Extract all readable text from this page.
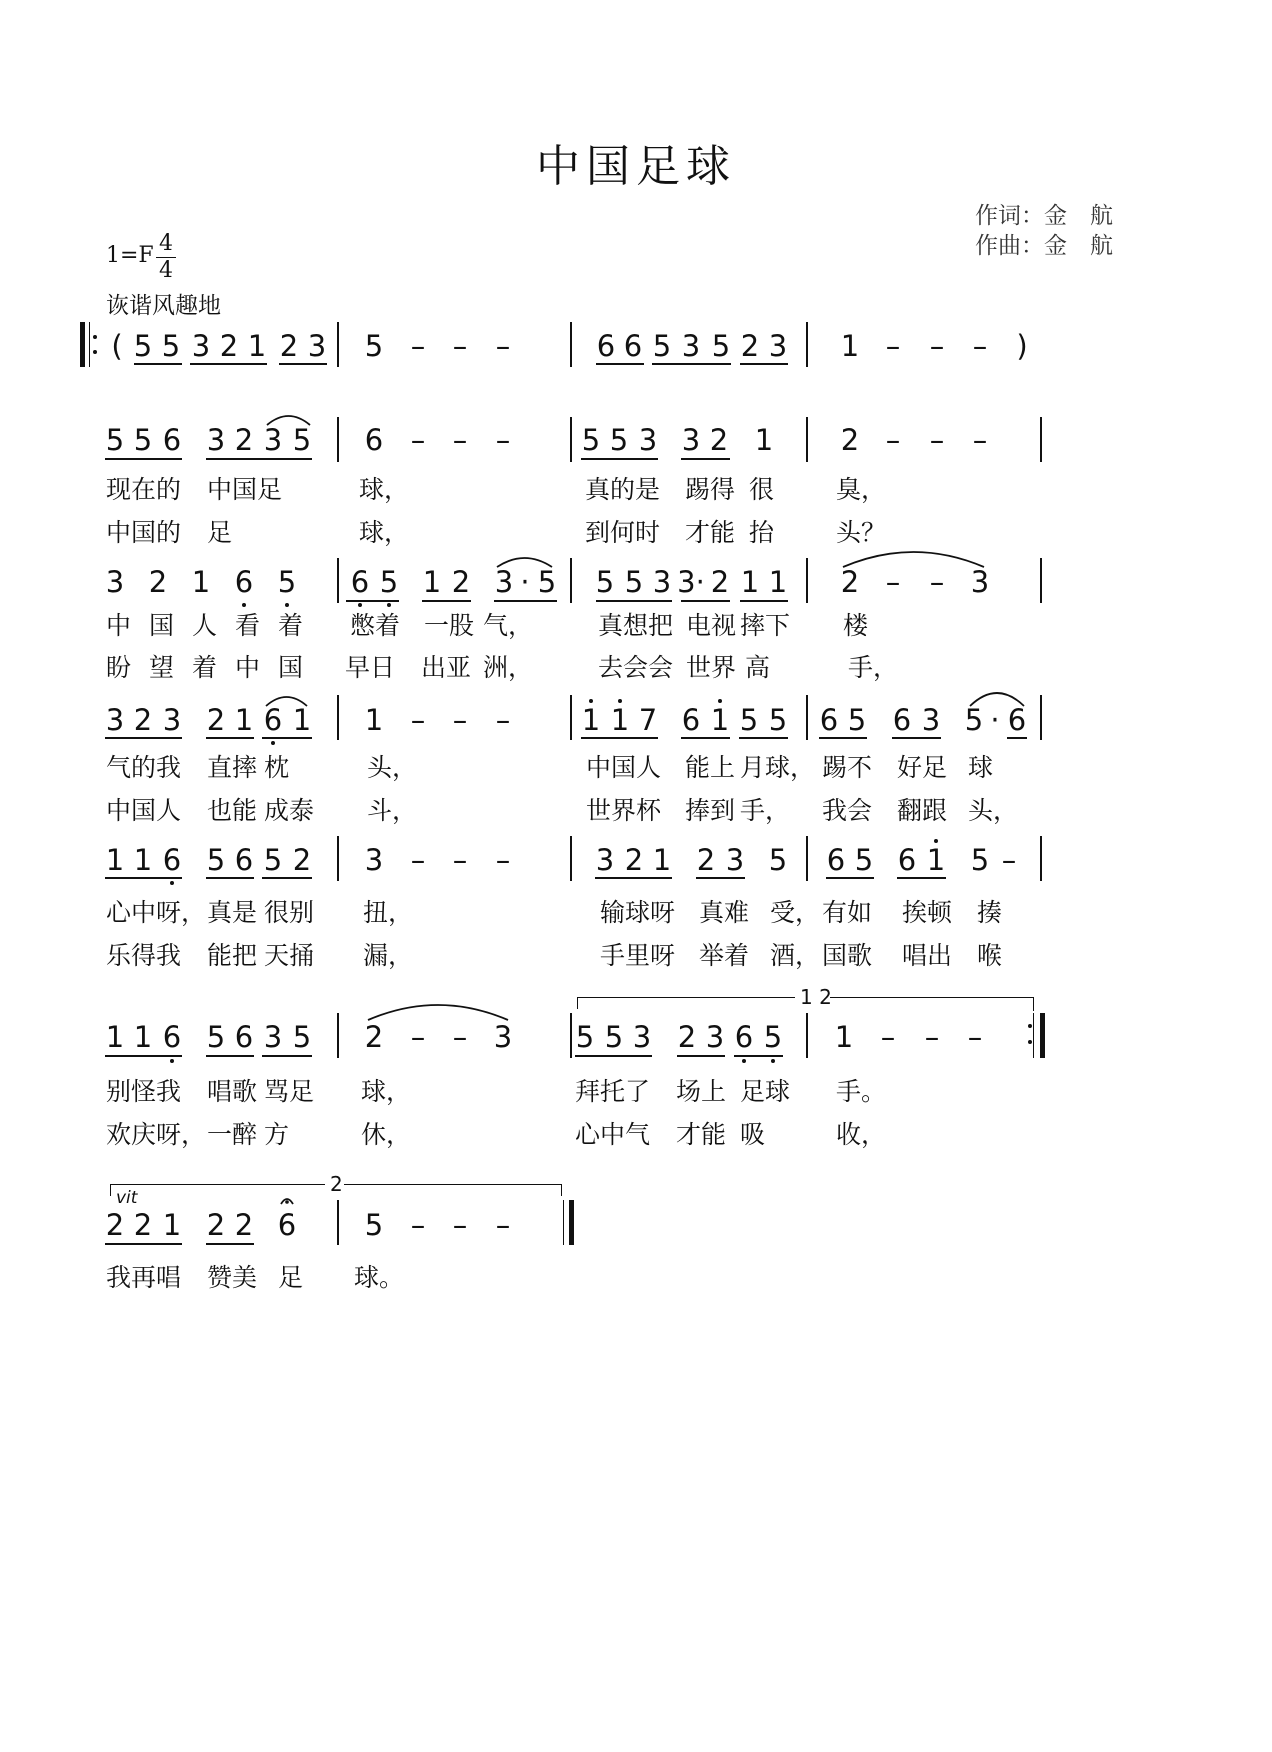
中国足球
作词：金　航
作曲：金　航
1=F 4
4
诙谐风趣地
5 5 3 2 1 2 3 5 – – –	6 6 5 3 5 2 3 1 – – –
5 5 6 3 2 3 5 6 – – – 5 5 3 3 2 1 2 – – –
现在的 中国足	球，	真的是 踢得 很 臭，
中国的 足	球，	到何时 才能 抬 头？
3 2 1 6 5 6 5 1 2 3 · 5 5 5 3 3· 2 1 1 2 – – 3
中 国 人 看 着 憋着 一股 气，	真想把 电视 摔下 楼
盼 望 着 中 国 早日 出亚 洲，	去会会 世界 高	手，
3 2 3 2 1 6 1 1 – – – 1 1 7 6 1 5 5 6 5 6 3 5 · 6
气的我 直摔 枕	头，	中国人 能上 月球， 踢不 好足 球
中国人 也能 成泰 斗，	世界杯 捧到 手， 我会 翻跟 头，
1 1 6 5 6 5 2 3 – – –	3 2 1 2 3 5 6 5 6 1 5 –
心中呀， 真是 很别 扭，	输球呀 真难 受， 有如 挨顿 揍
乐得我 能把 天捅 漏，	手里呀 举着 酒， 国歌 唱出 喉
1 1 6 5 6 3 5 2 – – 3 5 5 3 2 3 6 5 1 – – –
别怪我 唱歌 骂足 球，	拜托了 场上 足球 手。
欢庆呀， 一醉 方	休，	心中气 才能 吸	收，
2 2 1 2 2 6 5 – – –
我再唱 赞美 足 球。
(	)
1 2
2
vit
